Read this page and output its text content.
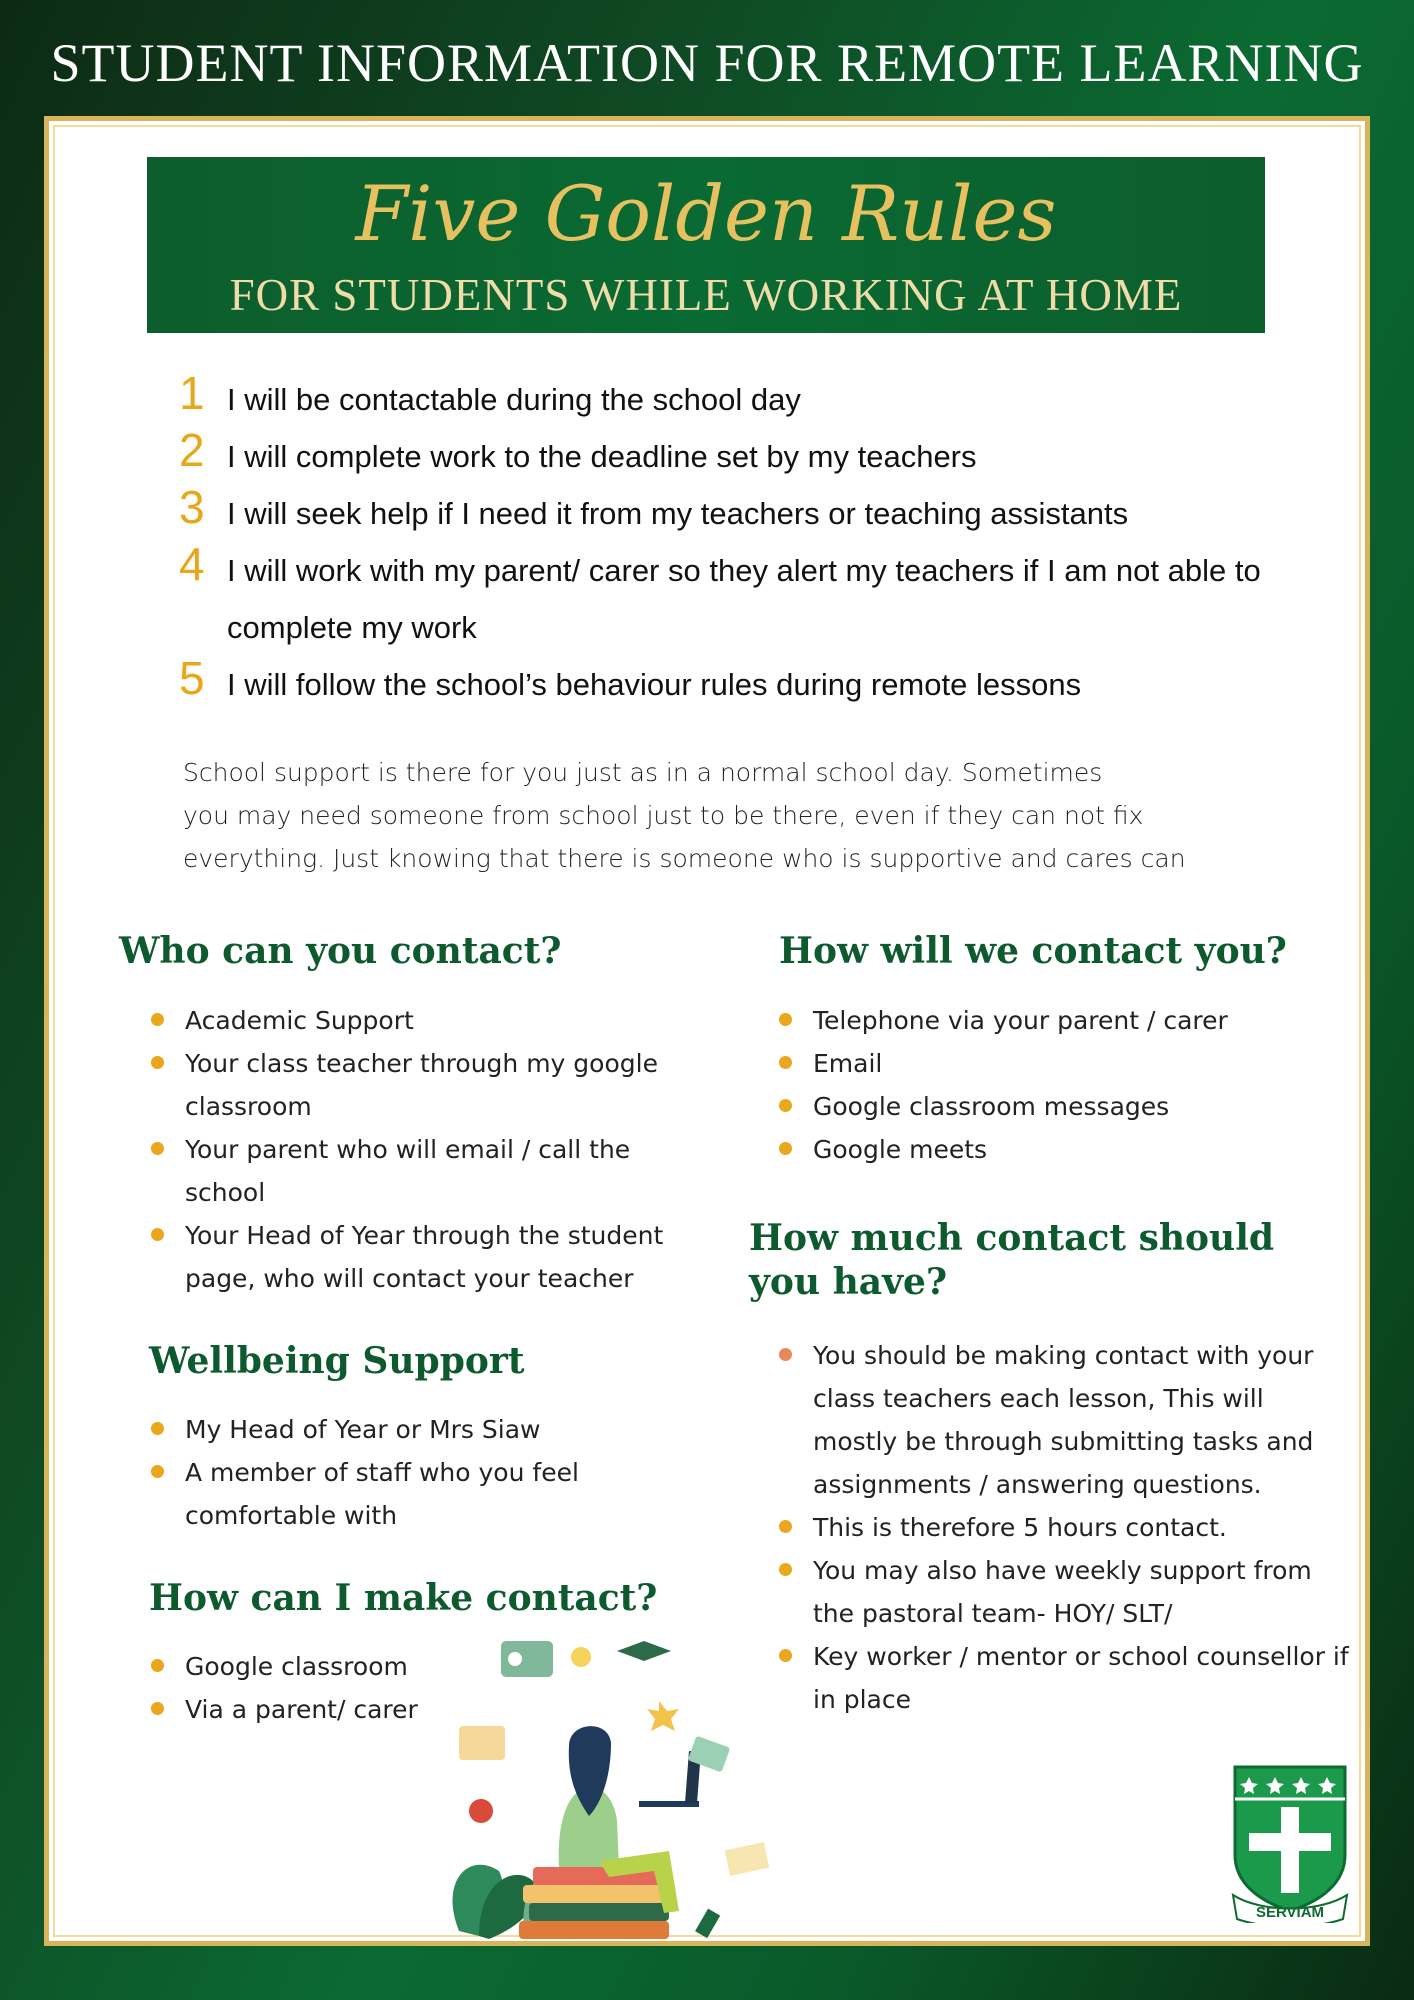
STUDENT INFORMATION FOR REMOTE LEARNING
Five Golden Rules
FOR STUDENTS WHILE WORKING AT HOME
1 I will be contactable during the school day
2 I will complete work to the deadline set by my teachers
3 I will seek help if I need it from my teachers or teaching assistants
4 I will work with my parent/ carer so they alert my teachers if I am not able to complete my work
5 I will follow the school’s behaviour rules during remote lessons
School support is there for you just as in a normal school day. Sometimes
you may need someone from school just to be there, even if they can not fix
everything. Just knowing that there is someone who is supportive and cares can
Who can you contact?
Academic Support
Your class teacher through my google classroom
Your parent who will email / call the school
Your Head of Year through the student page, who will contact your teacher
Wellbeing Support
My Head of Year or Mrs Siaw
A member of staff who you feel comfortable with
How can I make contact?
Google classroom
Via a parent/ carer
How will we contact you?
Telephone via your parent / carer
Email
Google classroom messages
Google meets
How much contact should
you have?
You should be making contact with your class teachers each lesson, This will mostly be through submitting tasks and assignments / answering questions.
This is therefore 5 hours contact.
You may also have weekly support from the pastoral team- HOY/ SLT/
Key worker / mentor or school counsellor if in place
SERVIAM
